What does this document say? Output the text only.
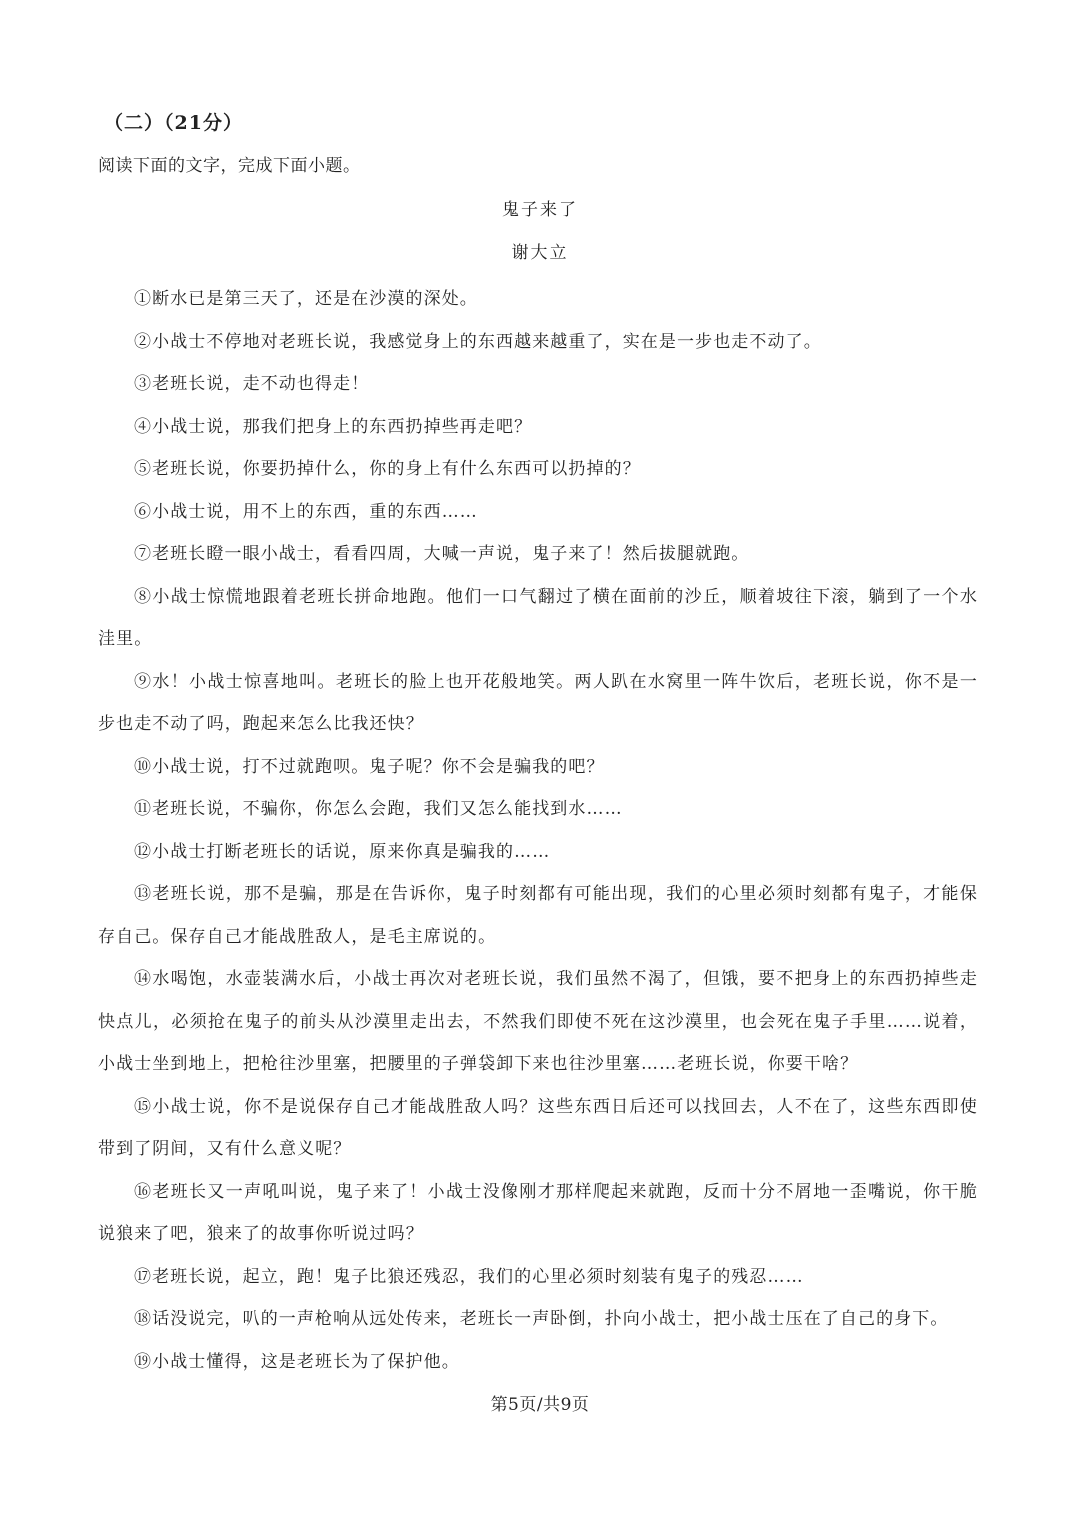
（二）（21分）
阅读下面的文字，完成下面小题。
鬼子来了
谢大立

①断水已是第三天了，还是在沙漠的深处。

②小战士不停地对老班长说，我感觉身上的东西越来越重了，实在是一步也走不动了。

③老班长说，走不动也得走！

④小战士说，那我们把身上的东西扔掉些再走吧？

⑤老班长说，你要扔掉什么，你的身上有什么东西可以扔掉的？

⑥小战士说，用不上的东西，重的东西……

⑦老班长瞪一眼小战士，看看四周，大喊一声说，鬼子来了！然后拔腿就跑。

⑧小战士惊慌地跟着老班长拼命地跑。他们一口气翻过了横在面前的沙丘，顺着坡往下滚，躺到了一个水洼里。

⑨水！小战士惊喜地叫。老班长的脸上也开花般地笑。两人趴在水窝里一阵牛饮后，老班长说，你不是一步也走不动了吗，跑起来怎么比我还快？

⑩小战士说，打不过就跑呗。鬼子呢？你不会是骗我的吧？

⑪老班长说，不骗你，你怎么会跑，我们又怎么能找到水……

⑫小战士打断老班长的话说，原来你真是骗我的……

⑬老班长说，那不是骗，那是在告诉你，鬼子时刻都有可能出现，我们的心里必须时刻都有鬼子，才能保存自己。保存自己才能战胜敌人，是毛主席说的。

⑭水喝饱，水壶装满水后，小战士再次对老班长说，我们虽然不渴了，但饿，要不把身上的东西扔掉些走快点儿，必须抢在鬼子的前头从沙漠里走出去，不然我们即使不死在这沙漠里，也会死在鬼子手里……说着，小战士坐到地上，把枪往沙里塞，把腰里的子弹袋卸下来也往沙里塞……老班长说，你要干啥？

⑮小战士说，你不是说保存自己才能战胜敌人吗？这些东西日后还可以找回去，人不在了，这些东西即使带到了阴间，又有什么意义呢？

⑯老班长又一声吼叫说，鬼子来了！小战士没像刚才那样爬起来就跑，反而十分不屑地一歪嘴说，你干脆说狼来了吧，狼来了的故事你听说过吗？

⑰老班长说，起立，跑！鬼子比狼还残忍，我们的心里必须时刻装有鬼子的残忍……

⑱话没说完，叭的一声枪响从远处传来，老班长一声卧倒，扑向小战士，把小战士压在了自己的身下。

⑲小战士懂得，这是老班长为了保护他。

第5页/共9页
